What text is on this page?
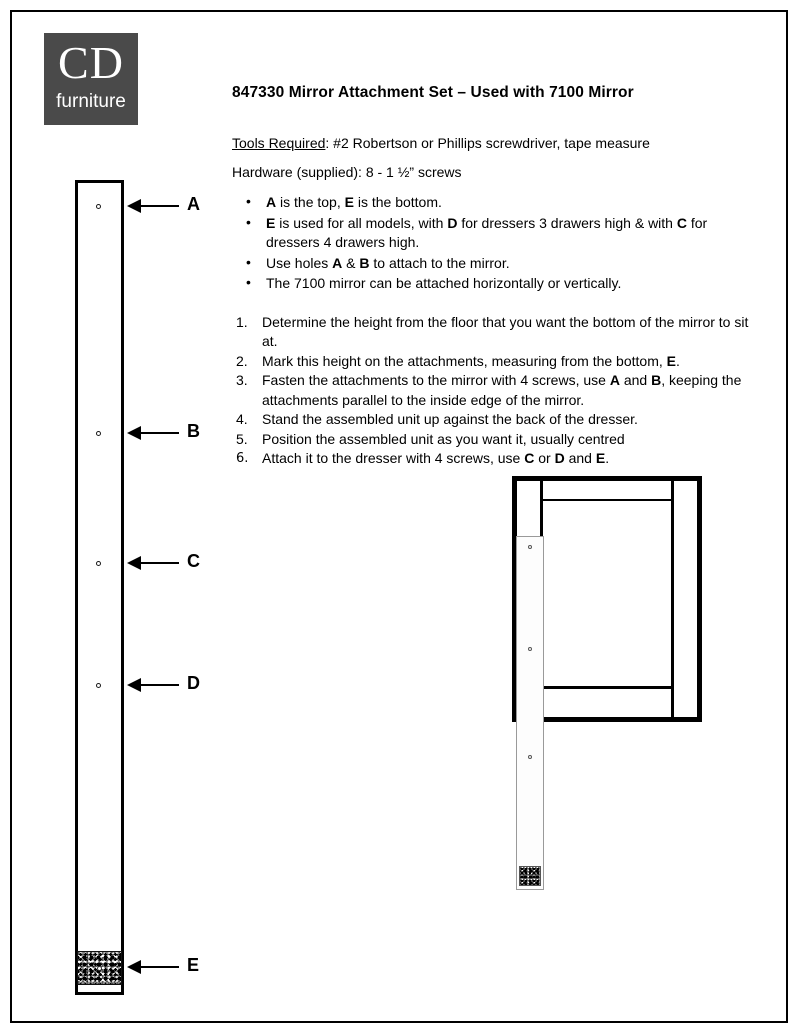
CD
furniture	847330 Mirror Attachment Set – Used with 7100 Mirror

Tools Required: #2 Robertson or Phillips screwdriver, tape measure

Hardware (supplied): 8 - 1 ½” screws

• A is the top, E is the bottom.
• E is used for all models, with D for dressers 3 drawers high & with C for dressers 4 drawers high.
• Use holes A & B to attach to the mirror.
• The 7100 mirror can be attached horizontally or vertically.
Determine the height from the floor that you want the bottom of the mirror to sit at.
Mark this height on the attachments, measuring from the bottom, E.
Fasten the attachments to the mirror with 4 screws, use A and B, keeping the attachments parallel to the inside edge of the mirror.
Stand the assembled unit up against the back of the dresser.
Position the assembled unit as you want it, usually centred
Attach it to the dresser with 4 screws, use C or D and E.
A
B
C
D
E
